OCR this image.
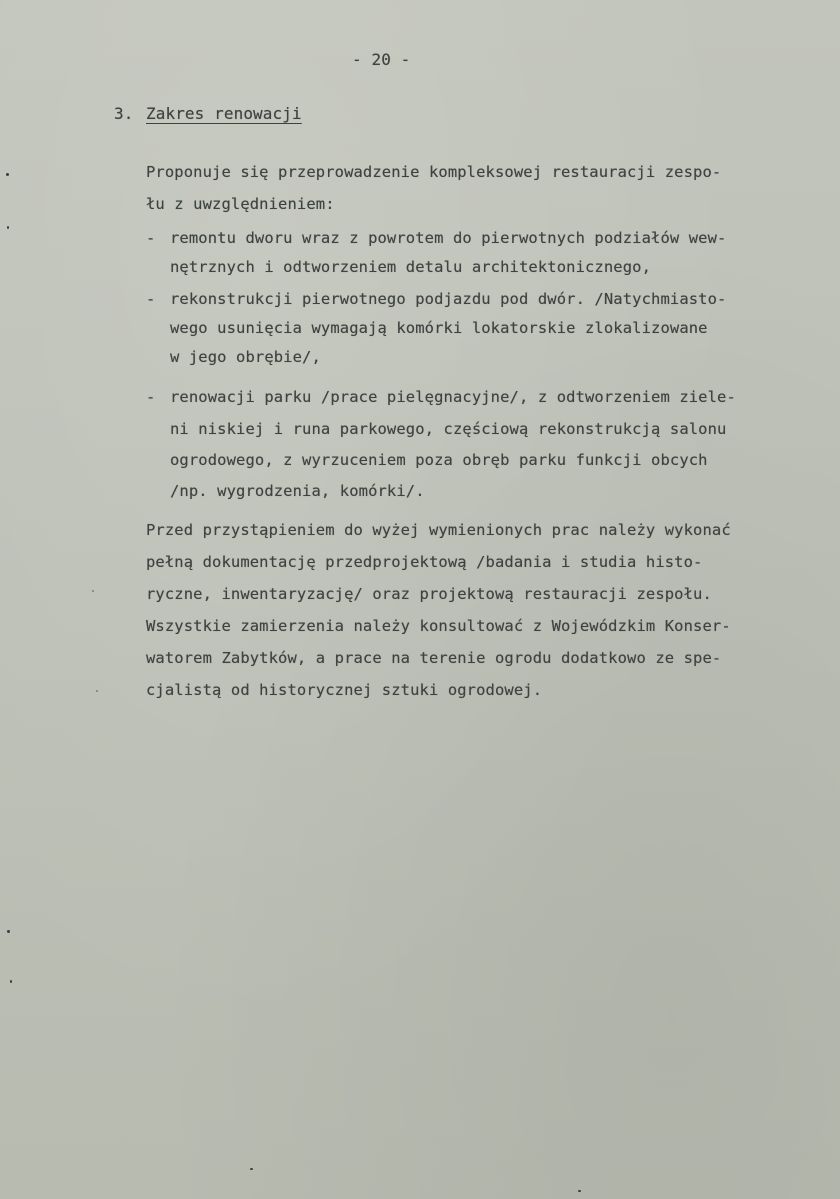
- 20 -

3. Zakres renowacji

Proponuje się przeprowadzenie kompleksowej restauracji zespo-

łu z uwzględnieniem:

- remontu dworu wraz z powrotem do pierwotnych podziałów wew-

nętrznych i odtworzeniem detalu architektonicznego,

- rekonstrukcji pierwotnego podjazdu pod dwór. /Natychmiasto-

wego usunięcia wymagają komórki lokatorskie zlokalizowane

w jego obrębie/,

- renowacji parku /prace pielęgnacyjne/, z odtworzeniem ziele-

ni niskiej i runa parkowego, częściową rekonstrukcją salonu

ogrodowego, z wyrzuceniem poza obręb parku funkcji obcych

/np. wygrodzenia, komórki/.

Przed przystąpieniem do wyżej wymienionych prac należy wykonać

pełną dokumentację przedprojektową /badania i studia histo-

ryczne, inwentaryzację/ oraz projektową restauracji zespołu.

Wszystkie zamierzenia należy konsultować z Wojewódzkim Konser-

watorem Zabytków, a prace na terenie ogrodu dodatkowo ze spe-

cjalistą od historycznej sztuki ogrodowej.
